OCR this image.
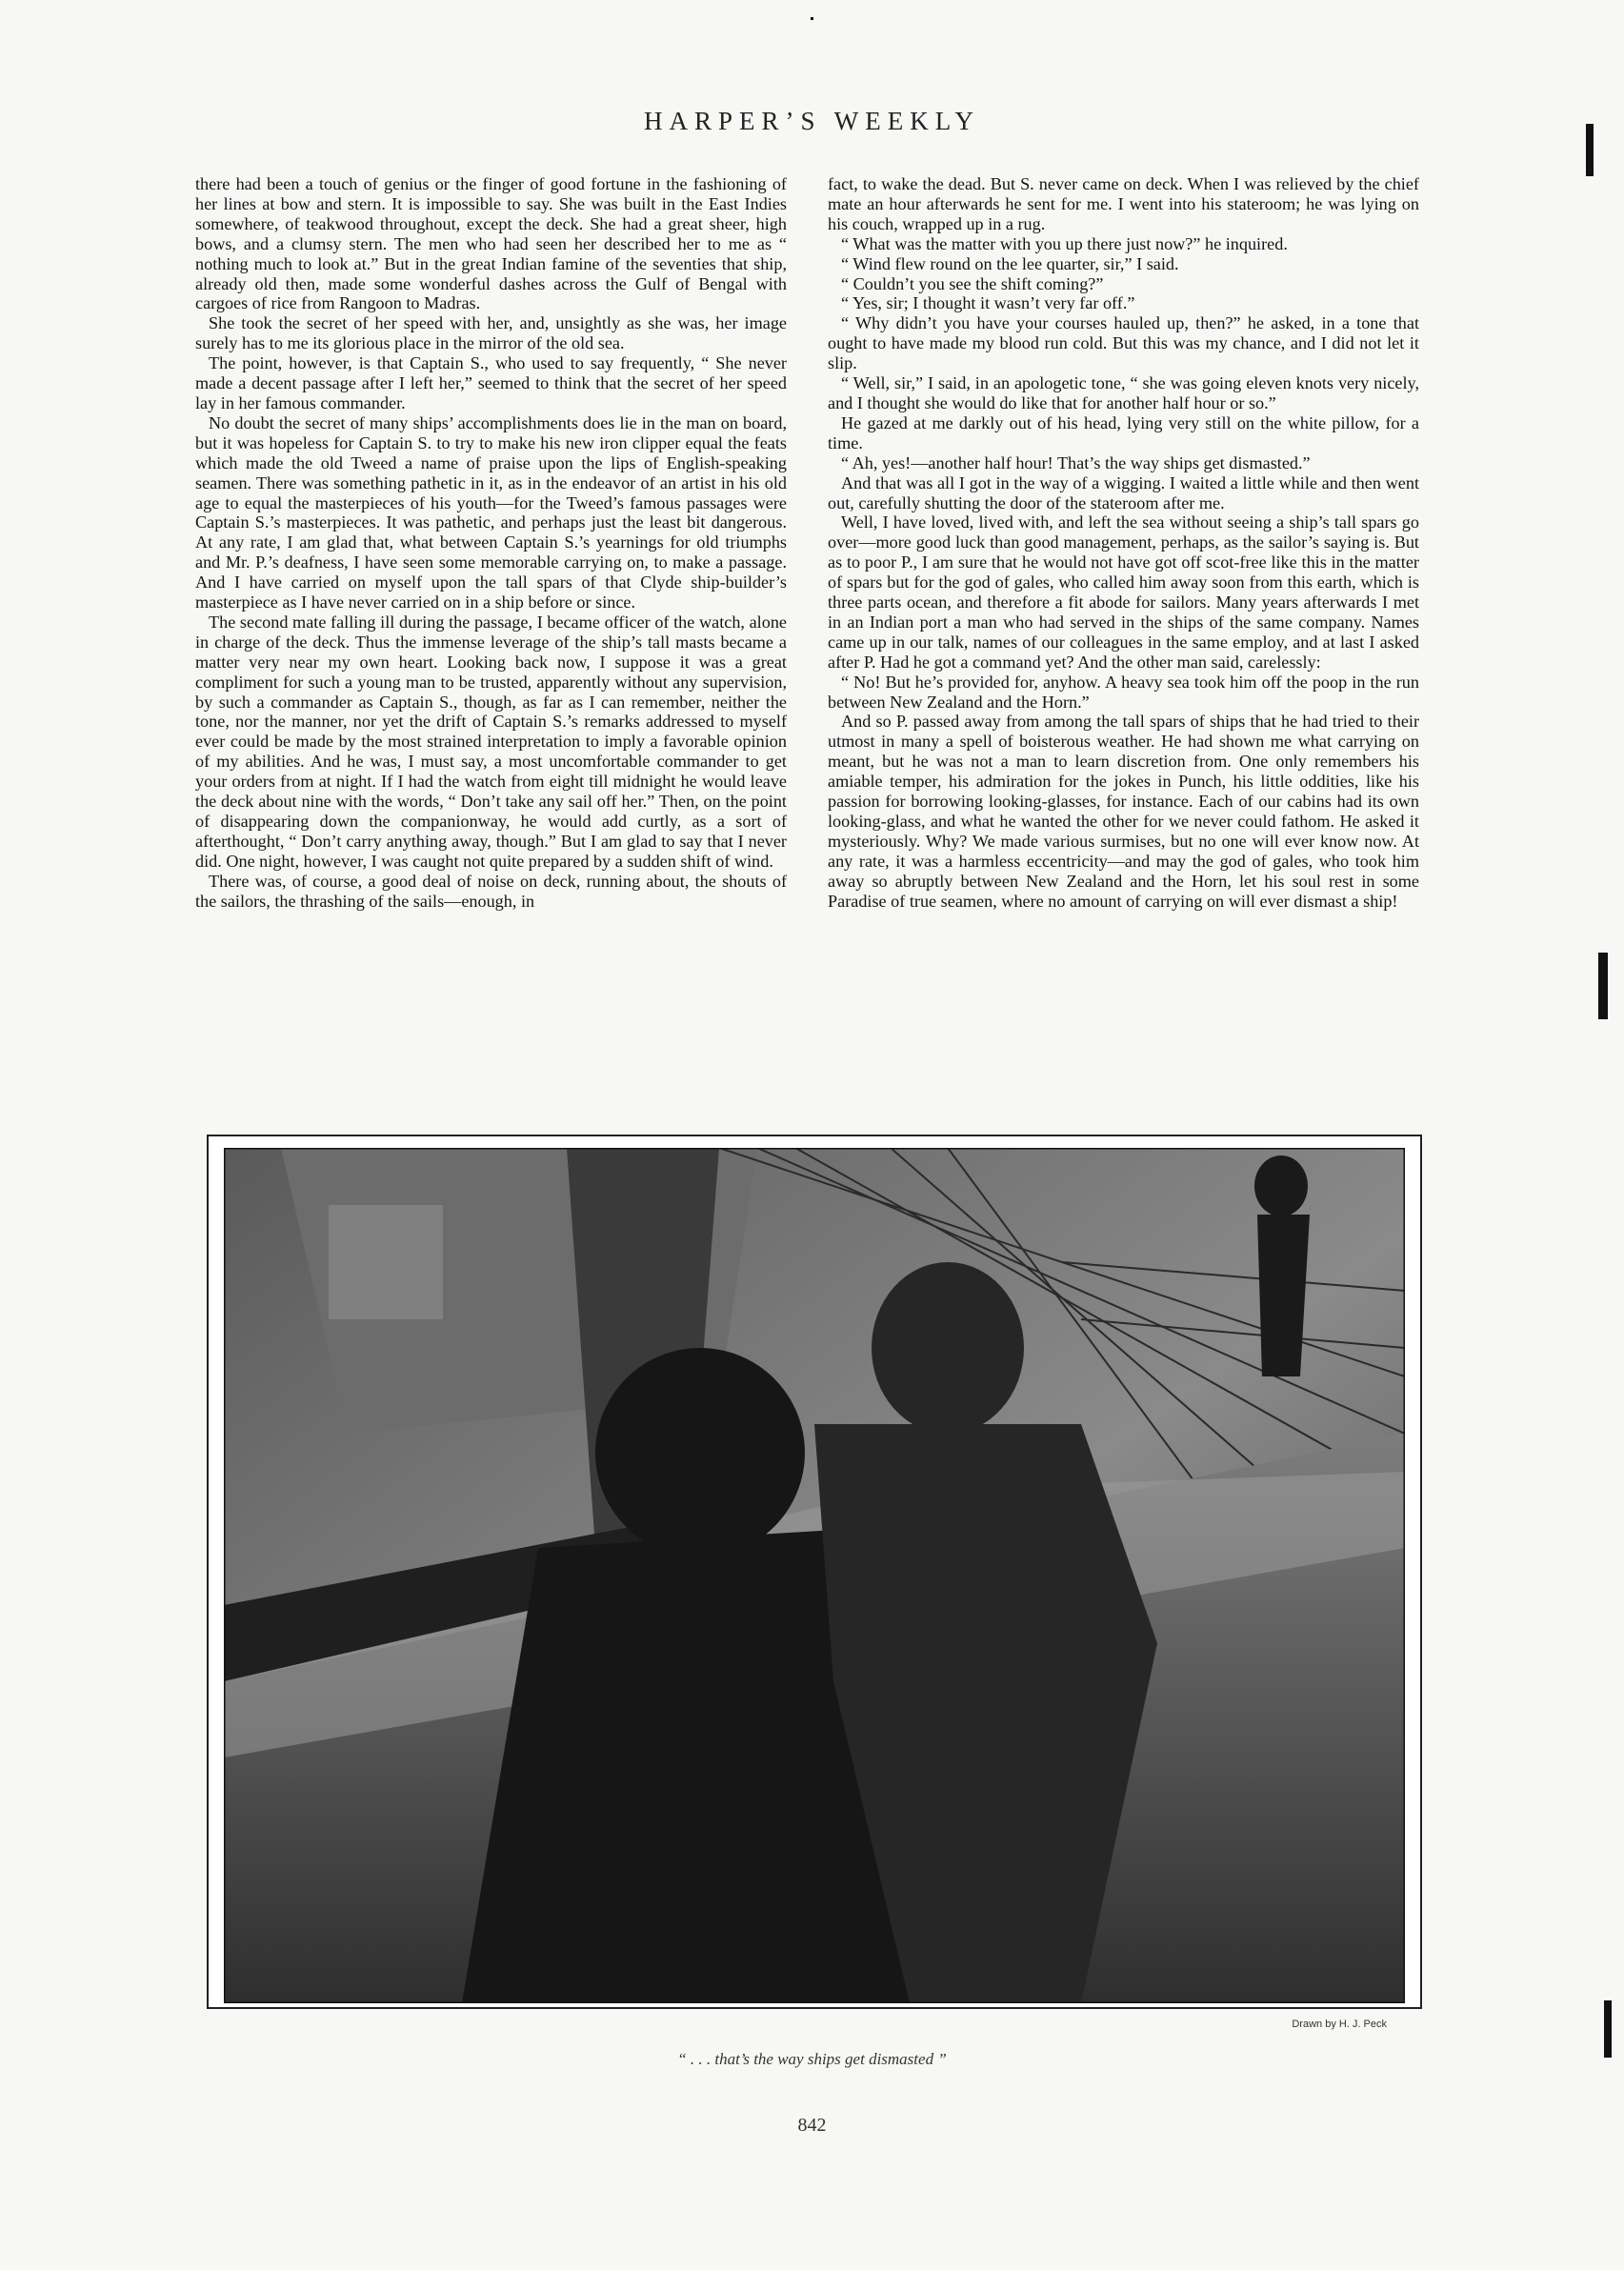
HARPER’S WEEKLY

there had been a touch of genius or the finger of good fortune in the fashioning of her lines at bow and stern. It is impossible to say. She was built in the East Indies somewhere, of teakwood throughout, except the deck. She had a great sheer, high bows, and a clumsy stern. The men who had seen her described her to me as “ nothing much to look at.” But in the great Indian famine of the seventies that ship, already old then, made some wonderful dashes across the Gulf of Bengal with cargoes of rice from Rangoon to Madras.

She took the secret of her speed with her, and, unsightly as she was, her image surely has to me its glorious place in the mirror of the old sea.

The point, however, is that Captain S., who used to say frequently, “ She never made a decent passage after I left her,” seemed to think that the secret of her speed lay in her famous commander.

No doubt the secret of many ships’ accomplishments does lie in the man on board, but it was hopeless for Captain S. to try to make his new iron clipper equal the feats which made the old Tweed a name of praise upon the lips of English-speaking seamen. There was something pathetic in it, as in the endeavor of an artist in his old age to equal the masterpieces of his youth—for the Tweed’s famous passages were Captain S.’s masterpieces. It was pathetic, and perhaps just the least bit dangerous. At any rate, I am glad that, what between Captain S.’s yearnings for old triumphs and Mr. P.’s deafness, I have seen some memorable carrying on, to make a passage. And I have carried on myself upon the tall spars of that Clyde ship-builder’s masterpiece as I have never carried on in a ship before or since.

The second mate falling ill during the passage, I became officer of the watch, alone in charge of the deck. Thus the immense leverage of the ship’s tall masts became a matter very near my own heart. Looking back now, I suppose it was a great compliment for such a young man to be trusted, apparently without any supervision, by such a commander as Captain S., though, as far as I can remember, neither the tone, nor the manner, nor yet the drift of Captain S.’s remarks addressed to myself ever could be made by the most strained interpretation to imply a favorable opinion of my abilities. And he was, I must say, a most uncomfortable commander to get your orders from at night. If I had the watch from eight till midnight he would leave the deck about nine with the words, “ Don’t take any sail off her.” Then, on the point of disappearing down the companionway, he would add curtly, as a sort of afterthought, “ Don’t carry anything away, though.” But I am glad to say that I never did. One night, however, I was caught not quite prepared by a sudden shift of wind.

There was, of course, a good deal of noise on deck, running about, the shouts of the sailors, the thrashing of the sails—enough, in

fact, to wake the dead. But S. never came on deck. When I was relieved by the chief mate an hour afterwards he sent for me. I went into his stateroom; he was lying on his couch, wrapped up in a rug.

“ What was the matter with you up there just now?” he inquired.

“ Wind flew round on the lee quarter, sir,” I said.

“ Couldn’t you see the shift coming?”

“ Yes, sir; I thought it wasn’t very far off.”

“ Why didn’t you have your courses hauled up, then?” he asked, in a tone that ought to have made my blood run cold. But this was my chance, and I did not let it slip.

“ Well, sir,” I said, in an apologetic tone, “ she was going eleven knots very nicely, and I thought she would do like that for another half hour or so.”

He gazed at me darkly out of his head, lying very still on the white pillow, for a time.

“ Ah, yes!—another half hour! That’s the way ships get dismasted.”

And that was all I got in the way of a wigging. I waited a little while and then went out, carefully shutting the door of the stateroom after me.

Well, I have loved, lived with, and left the sea without seeing a ship’s tall spars go over—more good luck than good management, perhaps, as the sailor’s saying is. But as to poor P., I am sure that he would not have got off scot-free like this in the matter of spars but for the god of gales, who called him away soon from this earth, which is three parts ocean, and therefore a fit abode for sailors. Many years afterwards I met in an Indian port a man who had served in the ships of the same company. Names came up in our talk, names of our colleagues in the same employ, and at last I asked after P. Had he got a command yet? And the other man said, carelessly:

“ No! But he’s provided for, anyhow. A heavy sea took him off the poop in the run between New Zealand and the Horn.”

And so P. passed away from among the tall spars of ships that he had tried to their utmost in many a spell of boisterous weather. He had shown me what carrying on meant, but he was not a man to learn discretion from. One only remembers his amiable temper, his admiration for the jokes in Punch, his little oddities, like his passion for borrowing looking-glasses, for instance. Each of our cabins had its own looking-glass, and what he wanted the other for we never could fathom. He asked it mysteriously. Why? We made various surmises, but no one will ever know now. At any rate, it was a harmless eccentricity—and may the god of gales, who took him away so abruptly between New Zealand and the Horn, let his soul rest in some Paradise of true seamen, where no amount of carrying on will ever dismast a ship!

Drawn by H. J. Peck
“ . . . that’s the way ships get dismasted ”
842
